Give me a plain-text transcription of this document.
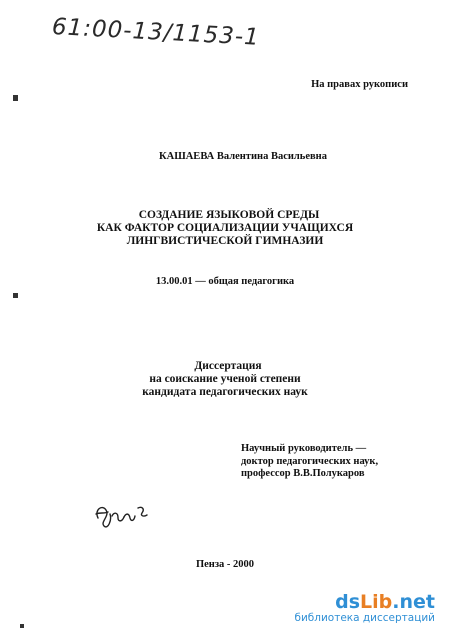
61:00-13/1153-1
На правах рукописи
КАШАЕВА Валентина Васильевна
СОЗДАНИЕ ЯЗЫКОВОЙ СРЕДЫ
КАК ФАКТОР СОЦИАЛИЗАЦИИ УЧАЩИХСЯ
ЛИНГВИСТИЧЕСКОЙ ГИМНАЗИИ
13.00.01 — общая педагогика
Диссертация
на соискание ученой степени
кандидата педагогических наук
Научный руководитель —
доктор педагогических наук,
профессор В.В.Полукаров
Пенза - 2000
dsLib.net
библиотека диссертаций
